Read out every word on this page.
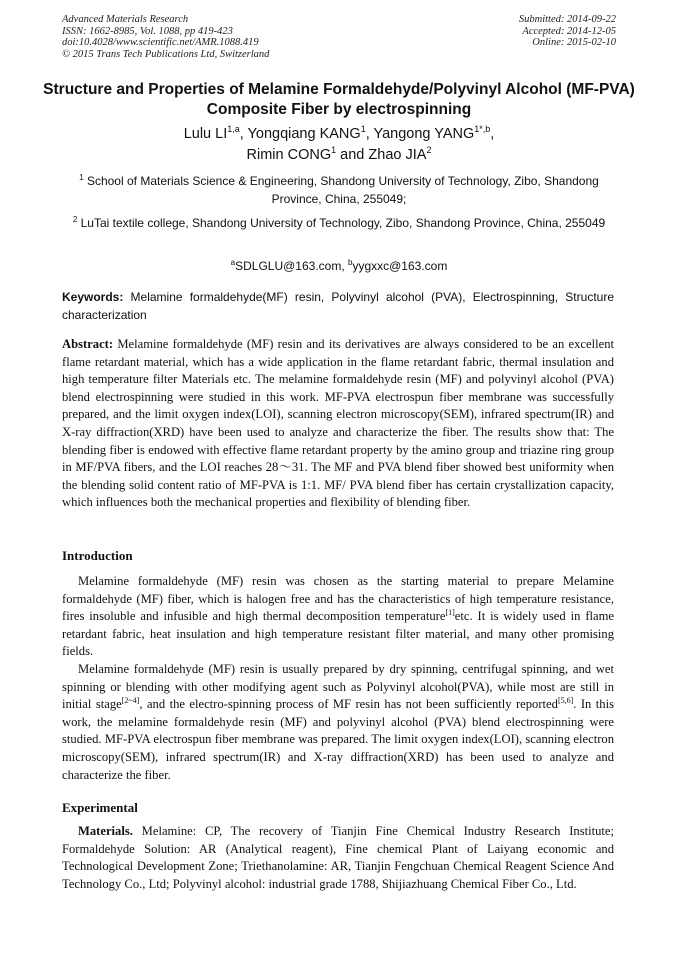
Advanced Materials Research
ISSN: 1662-8985, Vol. 1088, pp 419-423
doi:10.4028/www.scientific.net/AMR.1088.419
© 2015 Trans Tech Publications Ltd, Switzerland
Submitted: 2014-09-22
Accepted: 2014-12-05
Online: 2015-02-10
Structure and Properties of Melamine Formaldehyde/Polyvinyl Alcohol (MF-PVA) Composite Fiber by electrospinning
Lulu LI$^{1,a}$, Yongqiang KANG$^1$, Yangong $YANG^{1*,b}$,
Rimin CONG$^1$ and Zhao JIA$^2$
$^1$ School of Materials Science & Engineering, Shandong University of Technology, Zibo, Shandong Province, China, 255049;
$^2$ LuTai textile college, Shandong University of Technology, Zibo, Shandong Province, China, 255049
$^a$SDLGLU@163.com, $^b$yygxxc@163.com
Keywords: Melamine formaldehyde(MF) resin, Polyvinyl alcohol (PVA), Electrospinning, Structure characterization
Abstract: Melamine formaldehyde (MF) resin and its derivatives are always considered to be an excellent flame retardant material, which has a wide application in the flame retardant fabric, thermal insulation and high temperature filter Materials etc. The melamine formaldehyde resin (MF) and polyvinyl alcohol (PVA) blend electrospinning were studied in this work. MF-PVA electrospun fiber membrane was successfully prepared, and the limit oxygen index(LOI), scanning electron microscopy(SEM), infrared spectrum(IR) and X-ray diffraction(XRD) have been used to analyze and characterize the fiber. The results show that: The blending fiber is endowed with effective flame retardant property by the amino group and triazine ring group in MF/PVA fibers, and the LOI reaches 28～31. The MF and PVA blend fiber showed best uniformity when the blending solid content ratio of MF-PVA is 1:1. MF/ PVA blend fiber has certain crystallization capacity, which influences both the mechanical properties and flexibility of blending fiber.
Introduction

Melamine formaldehyde (MF) resin was chosen as the starting material to prepare Melamine formaldehyde (MF) fiber, which is halogen free and has the characteristics of high temperature resistance, fires insoluble and infusible and high thermal decomposition temperature[1]etc. It is widely used in flame retardant fabric, heat insulation and high temperature resistant filter material, and many other promising fields.

Melamine formaldehyde (MF) resin is usually prepared by dry spinning, centrifugal spinning, and wet spinning or blending with other modifying agent such as Polyvinyl alcohol(PVA), while most are still in initial stage[2~4], and the electro-spinning process of MF resin has not been sufficiently reported[5,6]. In this work, the melamine formaldehyde resin (MF) and polyvinyl alcohol (PVA) blend electrospinning were studied. MF-PVA electrospun fiber membrane was prepared. The limit oxygen index(LOI), scanning electron microscopy(SEM), infrared spectrum(IR) and X-ray diffraction(XRD) has been used to analyze and characterize the fiber.

Experimental

Materials. Melamine: CP, The recovery of Tianjin Fine Chemical Industry Research Institute; Formaldehyde Solution: AR (Analytical reagent), Fine chemical Plant of Laiyang economic and Technological Development Zone; Triethanolamine: AR, Tianjin Fengchuan Chemical Reagent Science And Technology Co., Ltd; Polyvinyl alcohol: industrial grade 1788, Shijiazhuang Chemical Fiber Co., Ltd.
